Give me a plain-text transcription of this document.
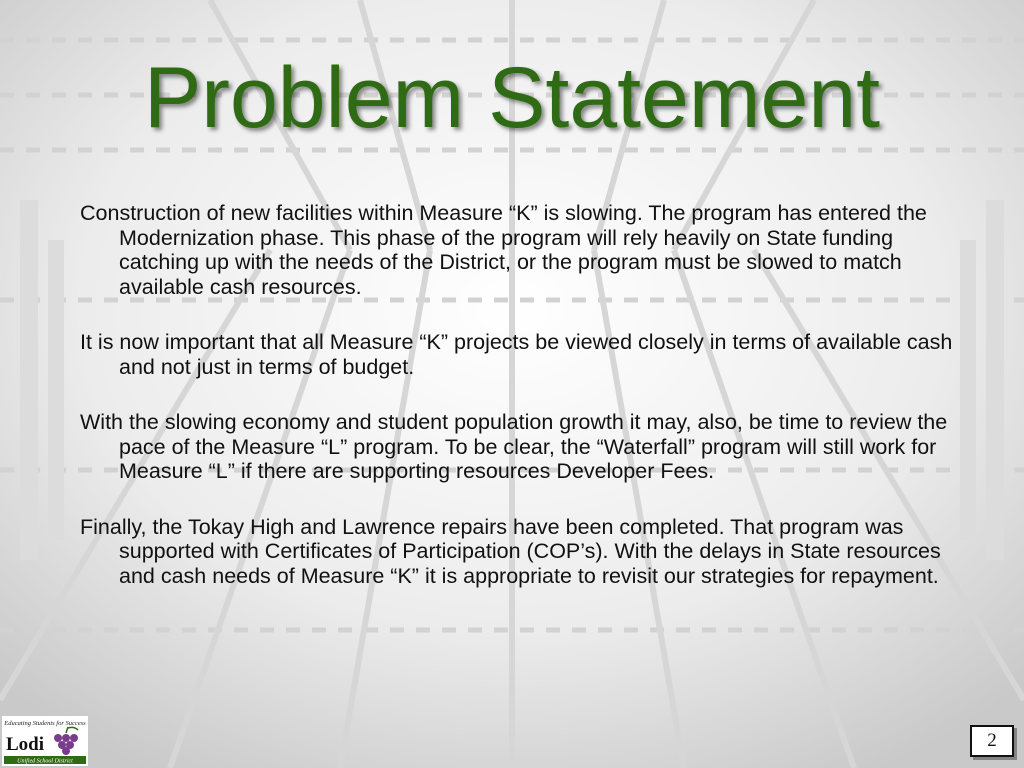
Problem Statement

Construction of new facilities within Measure “K” is slowing. The program has entered the Modernization phase. This phase of the program will rely heavily on State funding catching up with the needs of the District, or the program must be slowed to match available cash resources.

It is now important that all Measure “K” projects be viewed closely in terms of available cash and not just in terms of budget.

With the slowing economy and student population growth it may, also, be time to review the pace of the Measure “L” program. To be clear, the “Waterfall” program will still work for Measure “L” if there are supporting resources Developer Fees.

Finally, the Tokay High and Lawrence repairs have been completed. That program was supported with Certificates of Participation (COP’s). With the delays in State resources and cash needs of Measure “K” it is appropriate to revisit our strategies for repayment.

Educating Students for Success
Lodi
Unified School District
2
